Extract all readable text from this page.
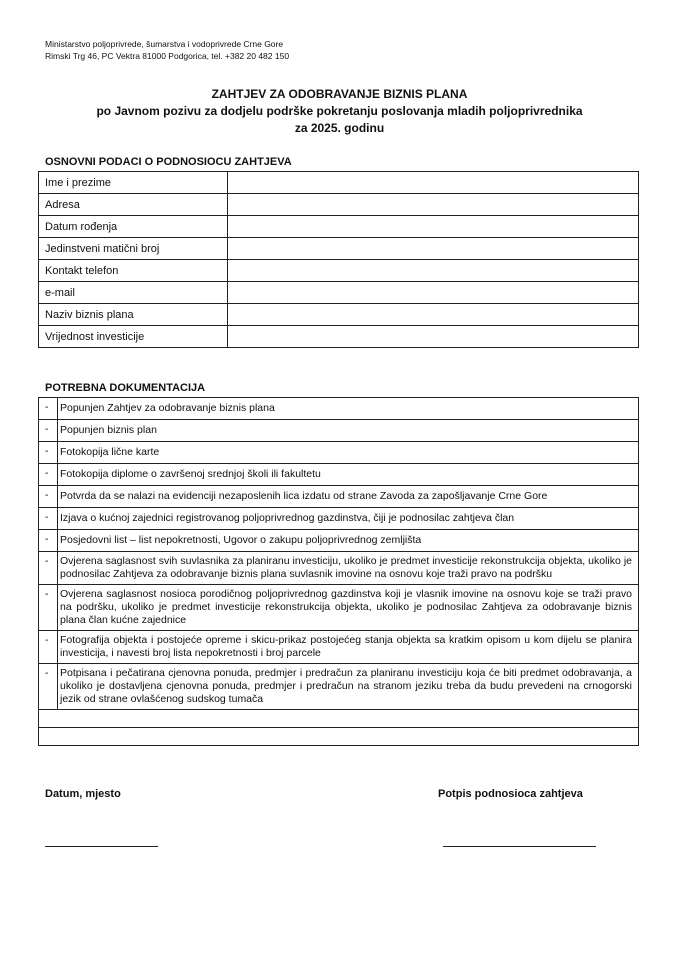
Ministarstvo poljoprivrede, šumarstva i vodoprivrede Crne Gore
Rimski Trg 46, PC Vektra 81000 Podgorica, tel. +382 20 482 150
ZAHTJEV ZA ODOBRAVANJE BIZNIS PLANA
po Javnom pozivu za dodjelu podrške pokretanju poslovanja mladih poljoprivrednika
za 2025. godinu
OSNOVNI PODACI O PODNOSIOCU ZAHTJEVA
Ime i prezime	
Adresa	
Datum rođenja	
Jedinstveni matični broj	
Kontakt telefon	
e-mail	
Naziv biznis plana	
Vrijednost investicije	
POTREBNA DOKUMENTACIJA
-	Popunjen Zahtjev za odobravanje biznis plana
-	Popunjen biznis plan
-	Fotokopija lične karte
-	Fotokopija diplome o završenoj srednjoj školi ili fakultetu
-	Potvrda da se nalazi na evidenciji nezaposlenih lica izdatu od strane Zavoda za zapošljavanje Crne Gore
-	Izjava o kućnoj zajednici registrovanog poljoprivrednog gazdinstva, čiji je podnosilac zahtjeva član
-	Posjedovni list – list nepokretnosti, Ugovor o zakupu poljoprivrednog zemljišta
-	Ovjerena saglasnost svih suvlasnika za planiranu investiciju, ukoliko je predmet investicije rekonstrukcija objekta, ukoliko je podnosilac Zahtjeva za odobravanje biznis plana suvlasnik imovine na osnovu koje traži pravo na podršku
-	Ovjerena saglasnost nosioca porodičnog poljoprivrednog gazdinstva koji je vlasnik imovine na osnovu koje se traži pravo na podršku, ukoliko je predmet investicije rekonstrukcija objekta, ukoliko je podnosilac Zahtjeva za odobravanje biznis plana član kućne zajednice
-	Fotografija objekta i postojeće opreme i skicu-prikaz postojećeg stanja objekta sa kratkim opisom u kom dijelu se planira investicija, i navesti broj lista nepokretnosti i broj parcele
-	Potpisana i pečatirana cjenovna ponuda, predmjer i predračun za planiranu investiciju koja će biti predmet odobravanja, a ukoliko je dostavljena cjenovna ponuda, predmjer i predračun na stranom jeziku treba da budu prevedeni na crnogorski jezik od strane ovlašćenog sudskog tumača

Datum, mjesto	Potpis podnosioca zahtjeva
